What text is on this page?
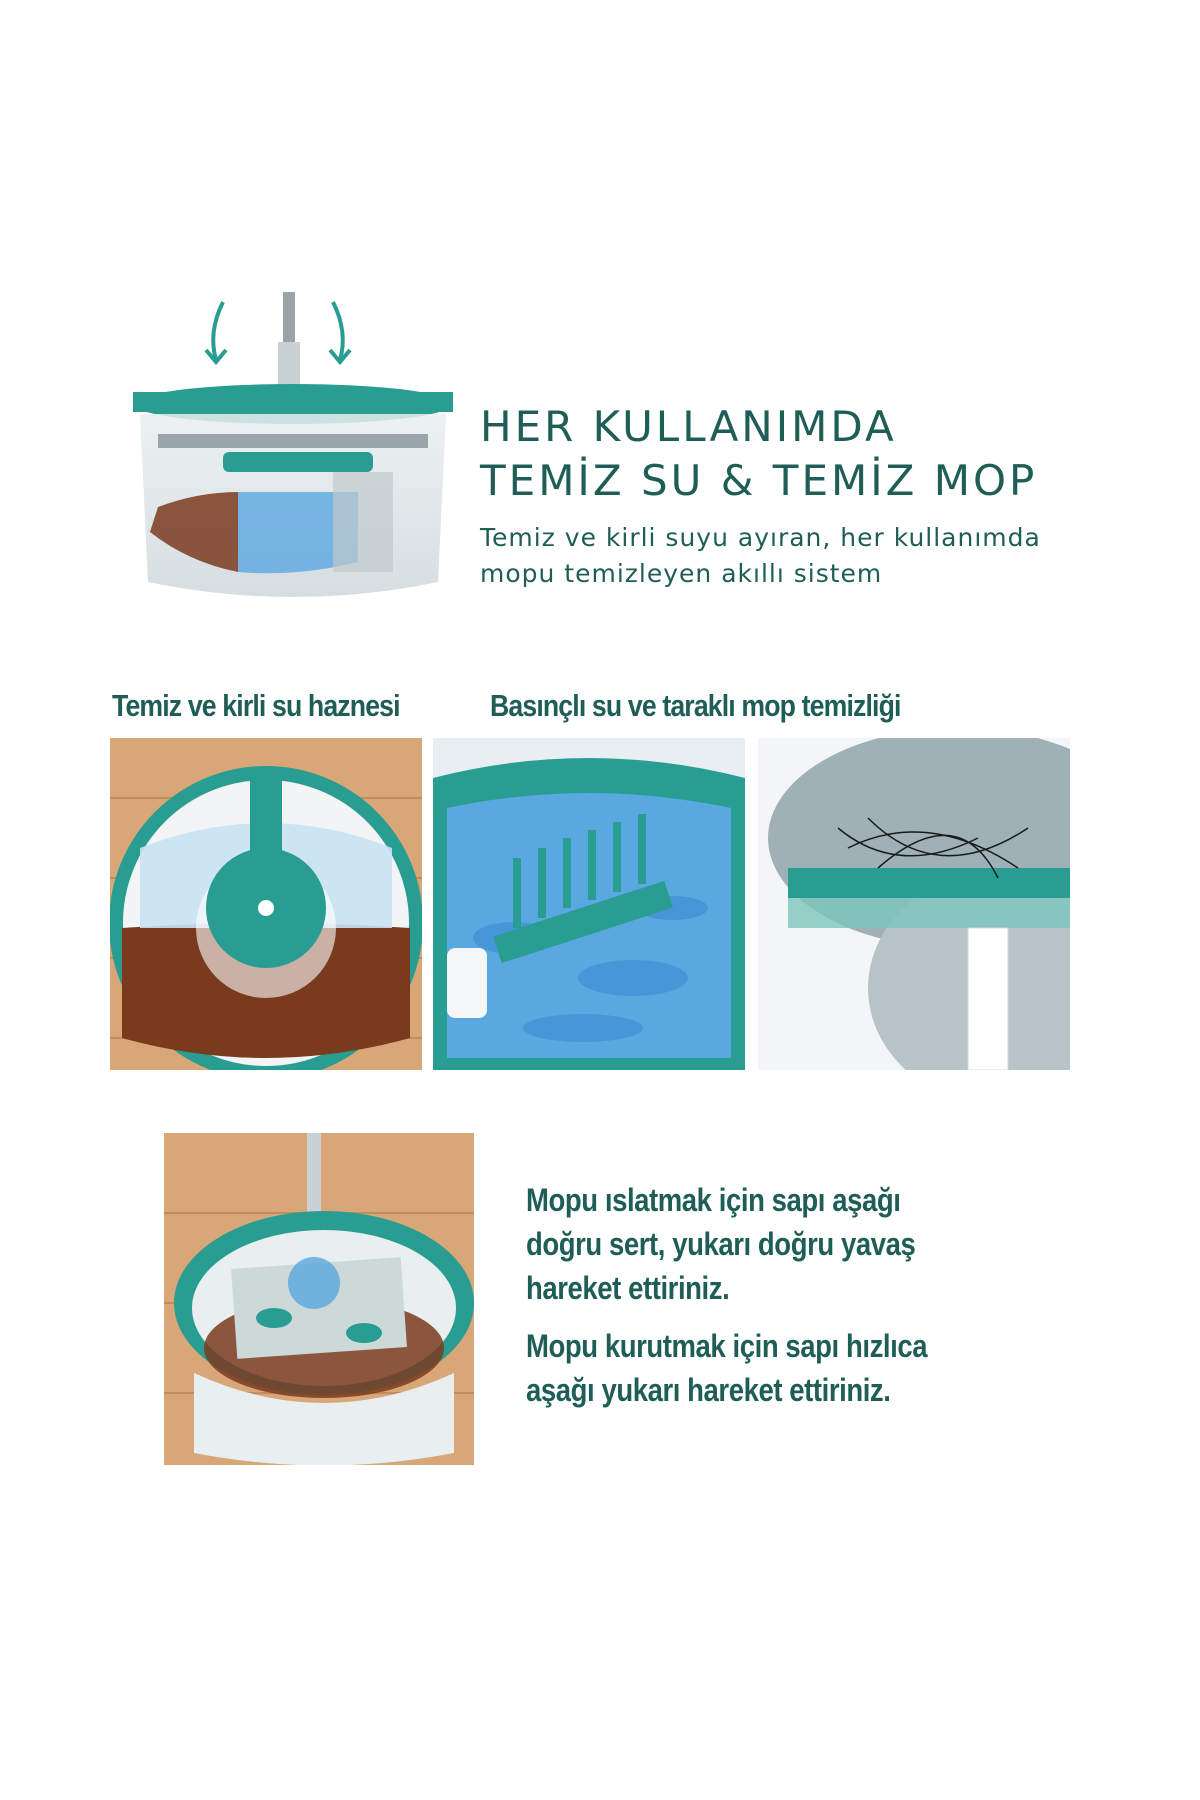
HER KULLANIMDA
TEMİZ SU & TEMİZ MOP
Temiz ve kirli suyu ayıran, her kullanımda mopu temizleyen akıllı sistem
Temiz ve kirli su haznesi	Basınçlı su ve taraklı mop temizliği
Mopu ıslatmak için sapı aşağı doğru sert, yukarı doğru yavaş hareket ettiriniz.
Mopu kurutmak için sapı hızlıca aşağı yukarı hareket ettiriniz.
